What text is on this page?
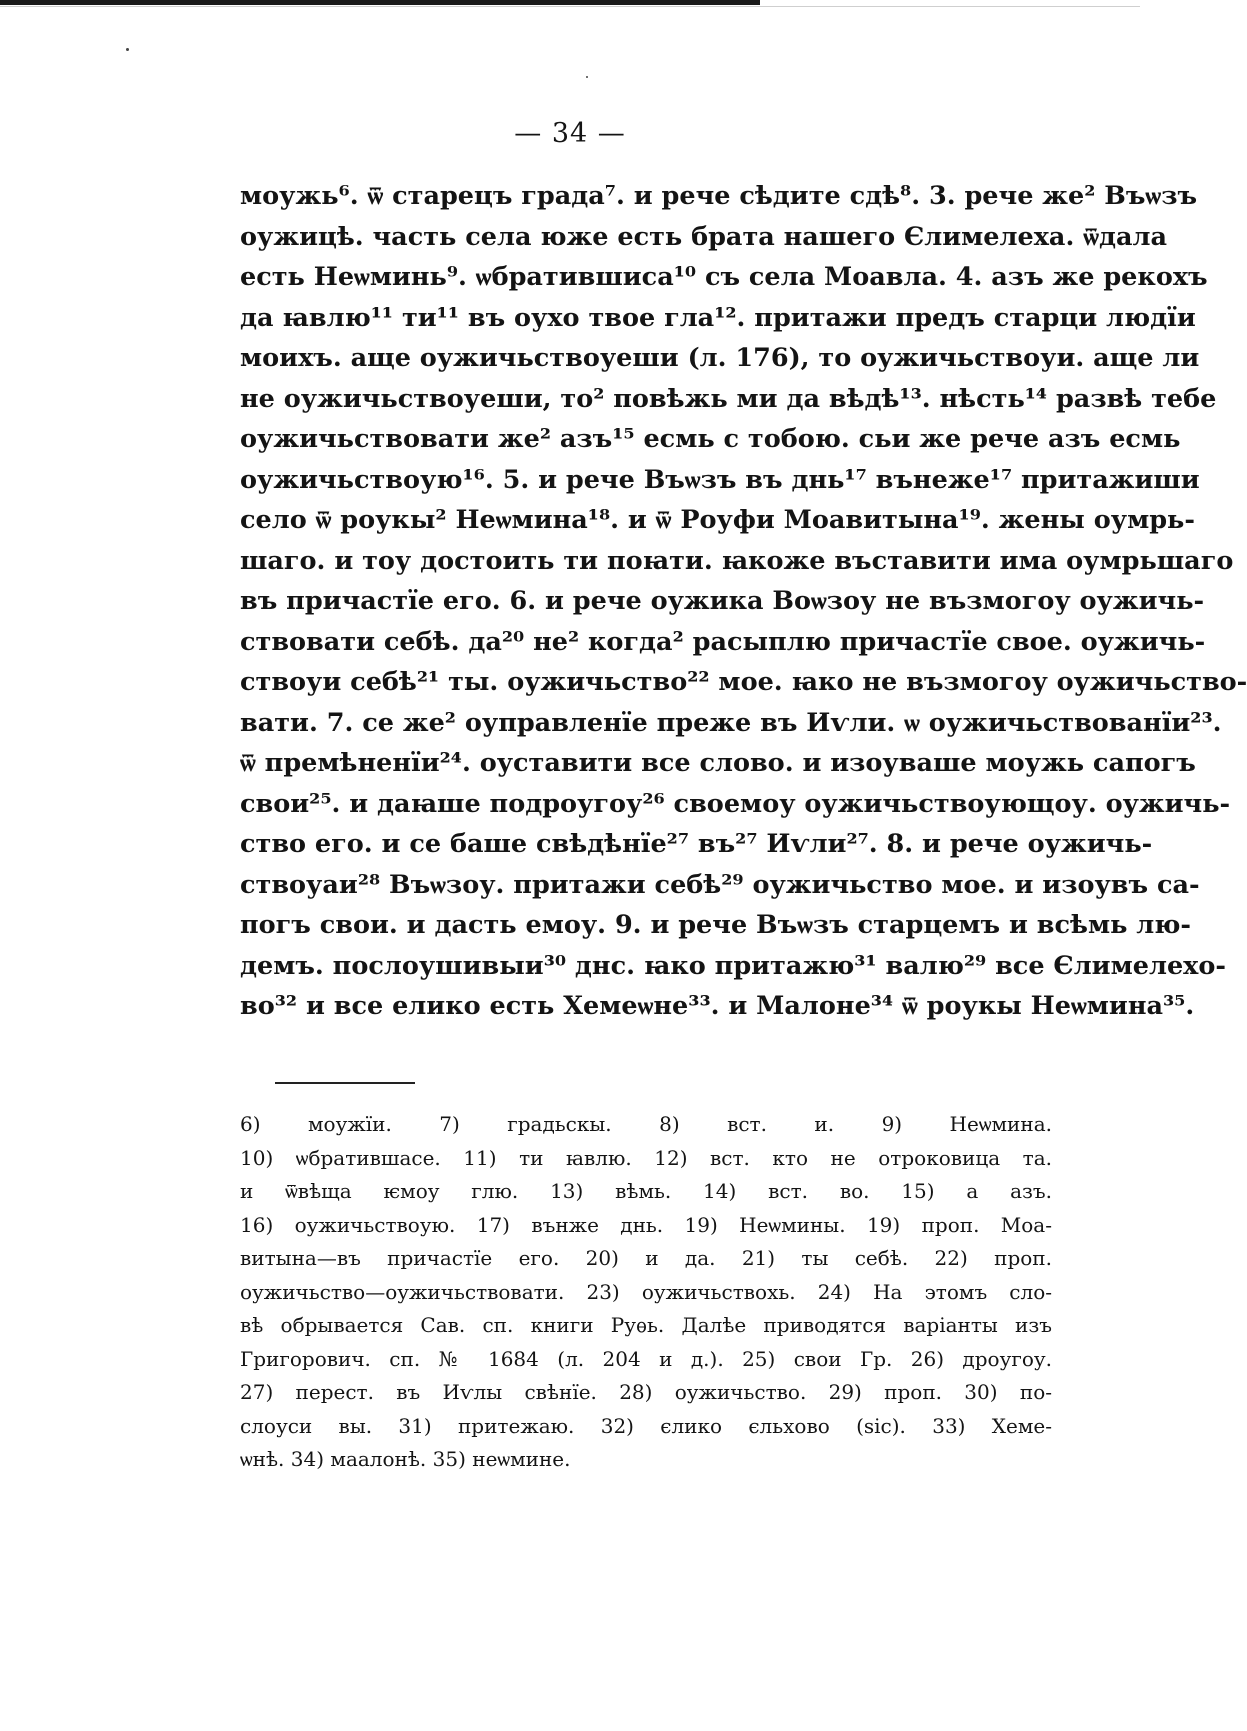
— 34 —
моужь⁶. ѿ старецъ града⁷. и рече сѣдите сдѣ⁸. 3. рече же² Въѡзъ
оужицѣ. часть села юже есть брата нашего Єлимелеха. ѿдала
есть Неѡминь⁹. ѡбратившиса¹⁰ съ села Моавла. 4. азъ же рекохъ
да ꙗвлю¹¹ ти¹¹ въ оухо твое гла¹². притажи предъ старци людїи
моихъ. аще оужичьствоуеши (л. 176), то оужичьствоуи. аще ли
не оужичьствоуеши, то² повѣжь ми да вѣдѣ¹³. нѣсть¹⁴ развѣ тебе
оужичьствовати же² азъ¹⁵ есмь с тобою. сьи же рече азъ есмь
оужичьствоую¹⁶. 5. и рече Въѡзъ въ днь¹⁷ вънеже¹⁷ притажиши
село ѿ роукы² Неѡмина¹⁸. и ѿ Роуфи Моавитына¹⁹. жены оумрь-
шаго. и тоу достоить ти поꙗти. ꙗкоже въставити има оумрьшаго
въ причастїе его. 6. и рече оужика Воѡзоу не възмогоу оужичь-
ствовати себѣ. да²⁰ не² когда² расыплю причастїе свое. оужичь-
ствоуи себѣ²¹ ты. оужичьство²² мое. ꙗко не възмогоу оужичьство-
вати. 7. се же² оуправленїе преже въ Иѵли. ѡ оужичьствованїи²³.
ѿ премѣненїи²⁴. оуставити все слово. и изоуваше моужь сапогъ
свои²⁵. и даꙗше подроугоу²⁶ своемоу оужичьствоующоу. оужичь-
ство его. и се баше свѣдѣнїе²⁷ въ²⁷ Иѵли²⁷. 8. и рече оужичь-
ствоуаи²⁸ Въѡзоу. притажи себѣ²⁹ оужичьство мое. и изоувъ са-
погъ свои. и дасть емоу. 9. и рече Въѡзъ старцемъ и всѣмь лю-
демъ. послоушивыи³⁰ днс. ꙗко притажю³¹ валю²⁹ все Єлимелехо-
во³² и все елико есть Хемеѡне³³. и Малоне³⁴ ѿ роукы Неѡмина³⁵.
6) моужїи. 7) градьскы. 8) вст. и. 9) Неѡмина.
10) ѡбратившасе. 11) ти ꙗвлю. 12) вст. кто не отроковица та.
и ѿвѣща ѥмоу глю. 13) вѣмь. 14) вст. во. 15) а азъ.
16) оужичьствоую. 17) вънже днь. 19) Неѡмины. 19) проп. Моа-
витына—въ причастїе его. 20) и да. 21) ты себѣ. 22) проп.
оужичьство—оужичьствовати. 23) оужичьствохь. 24) На этомъ сло-
вѣ обрывается Сав. сп. книги Руѳь. Далѣе приводятся варіанты изъ
Григорович. сп. № 1684 (л. 204 и д.). 25) свои Гр. 26) дроугоу.
27) перест. въ Иѵлы свѣнїе. 28) оужичьство. 29) проп. 30) по-
слоуси вы. 31) притежаю. 32) єлико єльхово (sic). 33) Хеме-
ѡнѣ. 34) маалонѣ. 35) неѡмине.
